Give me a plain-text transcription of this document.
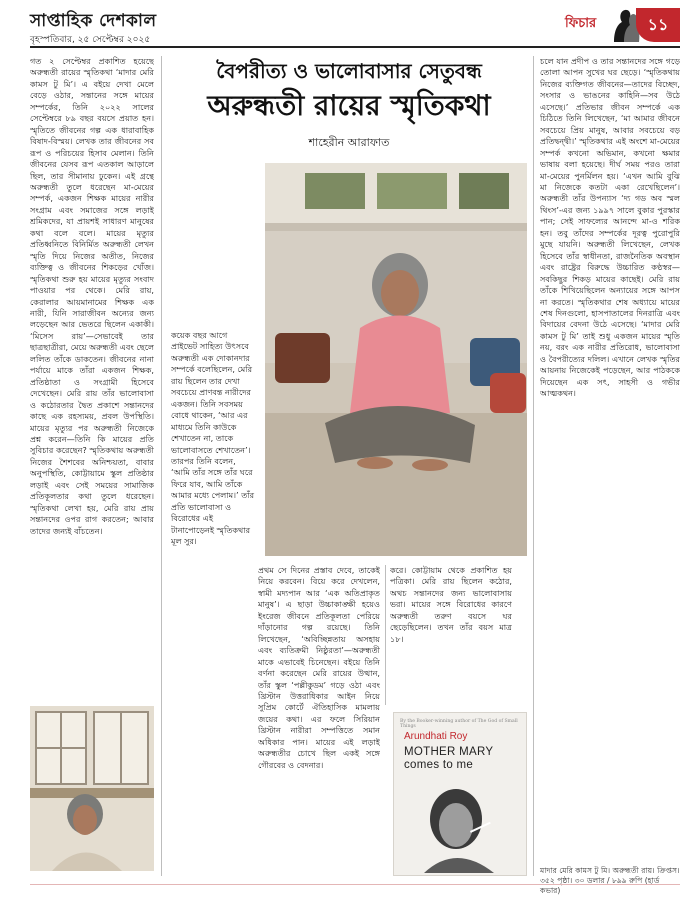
সাপ্তাহিক দেশকাল
বৃহস্পতিবার, ২৫ সেপ্টেম্বর ২০২৫
ফিচার	১১
বৈপরীত্য ও ভালোবাসার সেতুবন্ধ
অরুন্ধতী রায়ের স্মৃতিকথা
শাহেরীন আরাফাত

গত ২ সেপ্টেম্বর প্রকাশিত হয়েছে অরুন্ধতী রায়ের স্মৃতিকথা ‘মাদার মেরি কামস টু মি’। এ বইয়ে দেখা মেলে বেড়ে ওঠার, সন্তানের সঙ্গে মায়ের সম্পর্কের, তিনি ২০২২ সালের সেপ্টেম্বরে ৮৯ বছর বয়সে প্রয়াত হন। স্মৃতিতে জীবনের গল্প এক ধারাবাহিক বিষাদ-বিস্ময়। লেখক তার জীবনের সব রূপ ও পরিচয়ের হিসাব মেলান। তিনি জীবনের যেসব রূপ এতকাল আড়ালে ছিল, তার সীমানায় ঢুকেন। এই গ্রন্থে অরুন্ধতী তুলে ধরেছেন মা-মেয়ের সম্পর্ক, একজন শিক্ষক মায়ের নারীর সংগ্রাম এবং সমাজের সঙ্গে লড়াই শ্রমিকদের, যা প্রায়শই সাধারণ মানুষের কথা বলে বলে। মায়ের মৃত্যুর প্রতিধ্বনিতে বিনির্মিত অরুন্ধতী লেখন স্মৃতি দিয়ে নিজের অতীত, নিজের ব্যক্তিত্ব ও জীবনের শিকড়ের খোঁজ। স্মৃতিকথা শুরু হয় মায়ের মৃত্যুর সংবাদ পাওয়ার পর থেকে। মেরি রায়, কেরালার আয়মানামের শিক্ষক এক নারী, যিনি সারাজীবন অন্যের জন্য লড়েছেন আর ভেতরে ছিলেন একাকী। ‘মিসেস রায়’—সেভাবেই তার ছাত্রছাত্রীরা, মেয়ে অরুন্ধতী এবং ছেলে ললিত তাঁকে ডাকতেন। জীবনের নানা পর্যায়ে মাকে তাঁরা একজন শিক্ষক, প্রতিষ্ঠাতা ও সংগ্রামী হিসেবে দেখেছেন। মেরি রায় তাঁর ভালোবাসা ও কঠোরতার দ্বৈত প্রকাশে সন্তানদের কাছে এক রহস্যময়, প্রবল উপস্থিতি। মায়ের মৃত্যুর পর অরুন্ধতী নিজেকে প্রশ্ন করেন—তিনি কি মায়ের প্রতি সুবিচার করেছেন? স্মৃতিকথায় অরুন্ধতী নিজের শৈশবের অনিশ্চয়তা, বাবার অনুপস্থিতি, কোট্টায়ামে স্কুল প্রতিষ্ঠার লড়াই এবং সেই সময়ের সামাজিক প্রতিকূলতার কথা তুলে ধরেছেন। স্মৃতিকথা লেখা হয়, মেরি রায় প্রায় সন্তানদের ওপর রাগ করতেন; আবার তাদের জন্যই বাঁচতেন।

কয়েক বছর আগে প্রাইভেট সাহিত্য উৎসবে অরুন্ধতী এক দোকানদার সম্পর্কে বলেছিলেন, মেরি রায় ছিলেন তার দেখা সবচেয়ে প্রাণবন্ত নারীদের একজন। তিনি সবসময় বোধে থাকেন, ‘আর এর মাধ্যমে তিনি কাউকে শেখাতেন না, তাকে ভালোবাসতে শেখাতেন’। তারপর তিনি বলেন, ‘আমি তাঁর সঙ্গে তাঁর ঘরে ফিরে যাব, আমি তাঁকে আমার মধ্যে পেলাম।’ তাঁর প্রতি ভালোবাসা ও বিরোধের এই টানাপোড়েনই স্মৃতিকথার মূল সুর।

প্রথম সে দিনের প্রস্তাব দেবে, তাকেই নিয়ে করবেন। বিয়ে করে দেখলেন, স্বামী মদ্যপান আর ‘এক অতিপ্রাকৃত মানুষ’। এ ছাড়া উচ্চাকাঙ্ক্ষী হয়েও ইংরেজ জীবনে প্রতিকূলতা পেরিয়ে দাঁড়ানোর গল্প রয়েছে। তিনি লিখেছেন, ‘অবিচ্ছিন্নতায় অসহায় এবং ব্যতিক্রমী নিষ্ঠুরতা’—অরুন্ধতী মাকে এভাবেই চিনেছেন। বইয়ে তিনি বর্ণনা করেছেন মেরি রায়ের উত্থান, তাঁর স্কুল ‘পল্লীকুডম’ গড়ে ওঠা এবং খ্রিস্টান উত্তরাধিকার আইন নিয়ে সুপ্রিম কোর্টে ঐতিহাসিক মামলায় জয়ের কথা। এর ফলে সিরিয়ান খ্রিস্টান নারীরা সম্পত্তিতে সমান অধিকার পান। মায়ের এই লড়াই অরুন্ধতীর চোখে ছিল একই সঙ্গে গৌরবের ও বেদনার।

করে। কোট্টায়াম থেকে প্রকাশিত হয় পত্রিকা। মেরি রায় ছিলেন কঠোর, অথচ সন্তানদের জন্য ভালোবাসায় ভরা। মায়ের সঙ্গে বিরোধের কারণে অরুন্ধতী তরুণ বয়সে ঘর ছেড়েছিলেন। তখন তাঁর বয়স মাত্র ১৮।

চলে যান প্রদীপ ও তার সন্তানদের সঙ্গে গড়ে তোলা আপন সুখের ঘর ছেড়ে। ‘স্মৃতিকথায় নিজের ব্যক্তিগত জীবনের—তাদের বিচ্ছেদ, সংসার ও ভাঙনের কাহিনি—সব উঠে এসেছে।’ প্রতিভার জীবন সম্পর্কে এক চিঠিতে তিনি লিখেছেন, ‘মা আমার জীবনে সবচেয়ে প্রিয় মানুষ, আবার সবচেয়ে বড় প্রতিদ্বন্দ্বী।’ স্মৃতিকথার এই অংশে মা-মেয়ের সম্পর্ক কখনো অভিমান, কখনো ক্ষমার ভাষায় বলা হয়েছে। দীর্ঘ সময় পরও তারা মা-মেয়ের পুনর্মিলন হয়। ‘এখন আমি বুঝি মা নিজেকে কতটা একা রেখেছিলেন’। অরুন্ধতী তাঁর উপন্যাস ‘দ্য গড অব স্মল থিংস’-এর জন্য ১৯৯৭ সালে বুকার পুরস্কার পান; সেই সাফল্যের আনন্দে মা-ও শরিক হন। তবু তাঁদের সম্পর্কের দূরত্ব পুরোপুরি মুছে যায়নি। অরুন্ধতী লিখেছেন, লেখক হিসেবে তাঁর স্বাধীনতা, রাজনৈতিক অবস্থান এবং রাষ্ট্রের বিরুদ্ধে উচ্চারিত কণ্ঠস্বর—সবকিছুর শিকড় মায়ের কাছেই। মেরি রায় তাঁকে শিখিয়েছিলেন অন্যায়ের সঙ্গে আপস না করতে। স্মৃতিকথার শেষ অধ্যায়ে মায়ের শেষ দিনগুলো, হাসপাতালের দিনরাত্রি এবং বিদায়ের বেদনা উঠে এসেছে। ‘মাদার মেরি কামস টু মি’ তাই শুধু একজন মায়ের স্মৃতি নয়, বরং এক নারীর প্রতিরোধ, ভালোবাসা ও বৈপরীত্যের দলিল। এখানে লেখক স্মৃতির আয়নায় নিজেকেই পড়েছেন, আর পাঠককে দিয়েছেন এক সৎ, সাহসী ও গভীর আত্মকথন।

By the Booker-winning author of The God of Small Things
Arundhati Roy
MOTHER MARY
comes to me
মাদার মেরি কামস টু মি। অরুন্ধতী রায়। ক্রিপ্তস। ৩৫২ পৃষ্ঠা। ৩০ ডলার / ৮৯৯ রুপি (হার্ড কভার)
